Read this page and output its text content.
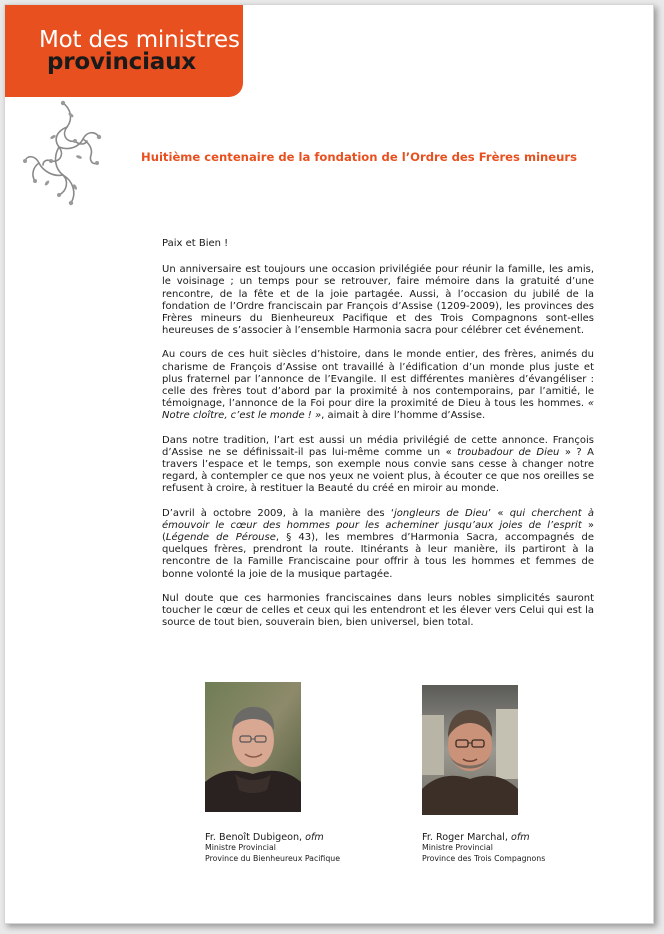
Mot des ministres
provinciaux
Huitième centenaire de la fondation de l’Ordre des Frères mineurs

Paix et Bien !

Un anniversaire est toujours une occasion privilégiée pour réunir la famille, les amis, le voisinage ; un temps pour se retrouver, faire mémoire dans la gratuité d’une rencontre, de la fête et de la joie partagée. Aussi, à l’occasion du jubilé de la fondation de l’Ordre franciscain par François d’Assise (1209-2009), les provinces des Frères mineurs du Bienheureux Pacifique et des Trois Compagnons sont-elles heureuses de s’associer à l’ensemble Harmonia sacra pour célébrer cet événement.

Au cours de ces huit siècles d’histoire, dans le monde entier, des frères, animés du charisme de François d’Assise ont travaillé à l’édification d’un monde plus juste et plus fraternel par l’annonce de l’Evangile. Il est différentes manières d’évangéliser : celle des frères tout d’abord par la proximité à nos contemporains, par l’amitié, le témoignage, l’annonce de la Foi pour dire la proximité de Dieu à tous les hommes. « Notre cloître, c’est le monde ! », aimait à dire l’homme d’Assise.

Dans notre tradition, l’art est aussi un média privilégié de cette annonce. François d’Assise ne se définissait-il pas lui-même comme un « troubadour de Dieu » ? A travers l’espace et le temps, son exemple nous convie sans cesse à changer notre regard, à contempler ce que nos yeux ne voient plus, à écouter ce que nos oreilles se refusent à croire, à restituer la Beauté du créé en miroir au monde.

D’avril à octobre 2009, à la manière des ‘jongleurs de Dieu’ « qui cherchent à émouvoir le cœur des hommes pour les acheminer jusqu’aux joies de l’esprit » (Légende de Pérouse, § 43), les membres d’Harmonia Sacra, accompagnés de quelques frères, prendront la route. Itinérants à leur manière, ils partiront à la rencontre de la Famille Franciscaine pour offrir à tous les hommes et femmes de bonne volonté la joie de la musique partagée.

Nul doute que ces harmonies franciscaines dans leurs nobles simplicités sauront toucher le cœur de celles et ceux qui les entendront et les élever vers Celui qui est la source de tout bien, souverain bien, bien universel, bien total.

Fr. Benoît Dubigeon, ofm
Ministre Provincial
Province du Bienheureux Pacifique
Fr. Roger Marchal, ofm
Ministre Provincial
Province des Trois Compagnons
